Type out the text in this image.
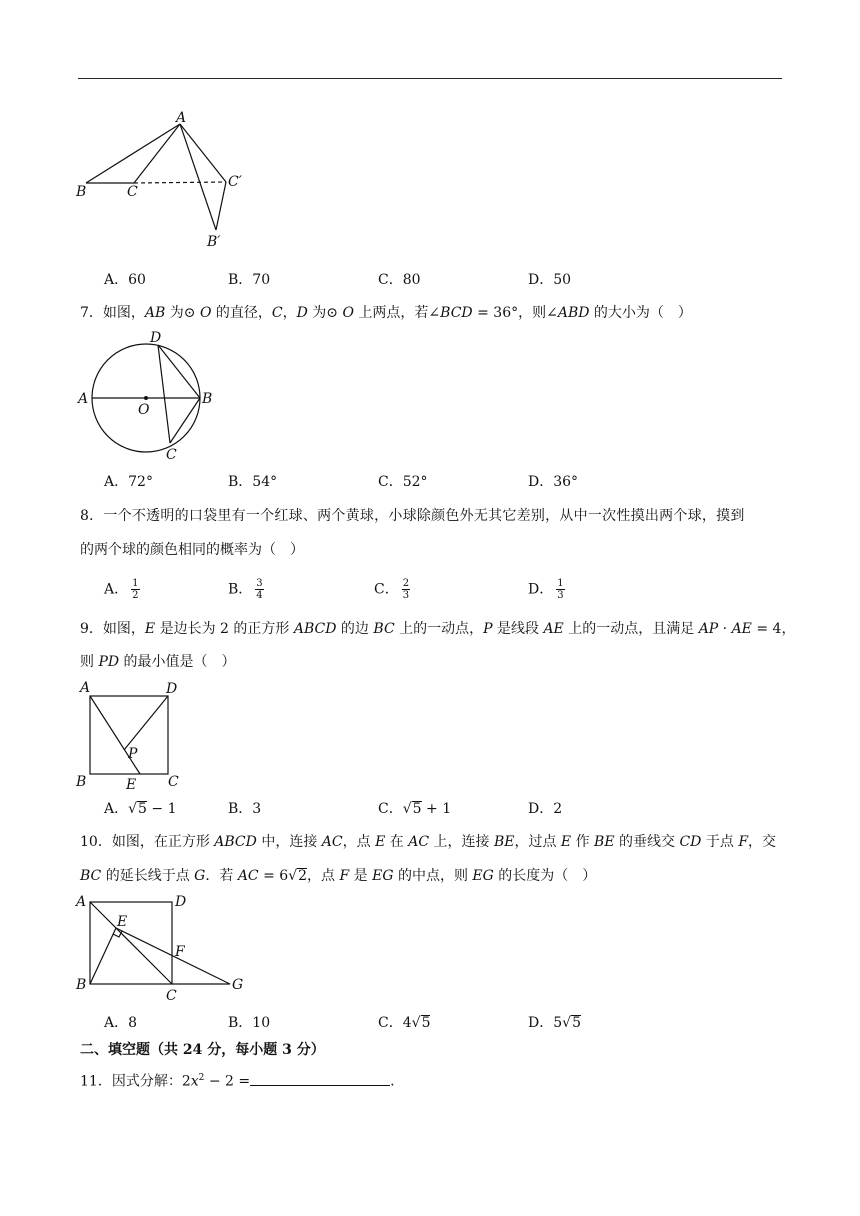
A
B	C
C′
B′
A．60	B．70	C．80	D．50
7．如图，AB 为⊙ O 的直径，C，D 为⊙ O 上两点，若∠BCD = 36°，则∠ABD 的大小为（　）
A	B
C
D
O
A．72°	B．54°	C．52°	D．36°
8．一个不透明的口袋里有一个红球、两个黄球，小球除颜色外无其它差别，从中一次性摸出两个球，摸到
的两个球的颜色相同的概率为（　）
A． $\frac{1}{2}$	B． $\frac{3}{4}$	C． $\frac{2}{3}$	D． $\frac{1}{3}$
9．如图，E 是边长为 2 的正方形 ABCD 的边 BC 上的一动点，P 是线段 AE 上的一动点，且满足 AP · AE = 4，
则 PD 的最小值是（　）
A	D
B	C
E
P
A．√5 − 1	B．3	C．√5 + 1	D．2
10．如图，在正方形 ABCD 中，连接 AC，点 E 在 AC 上，连接 BE，过点 E 作 BE 的垂线交 CD 于点 F，交
BC 的延长线于点 G．若 AC = 6√2，点 F 是 EG 的中点，则 EG 的长度为（　）
A	D
B
C
E
F
G
A．8	B．10	C．4√5	D．5√5
二、填空题（共 24 分，每小题 3 分）
11．因式分解：$2x^2 - 2$ =	.
